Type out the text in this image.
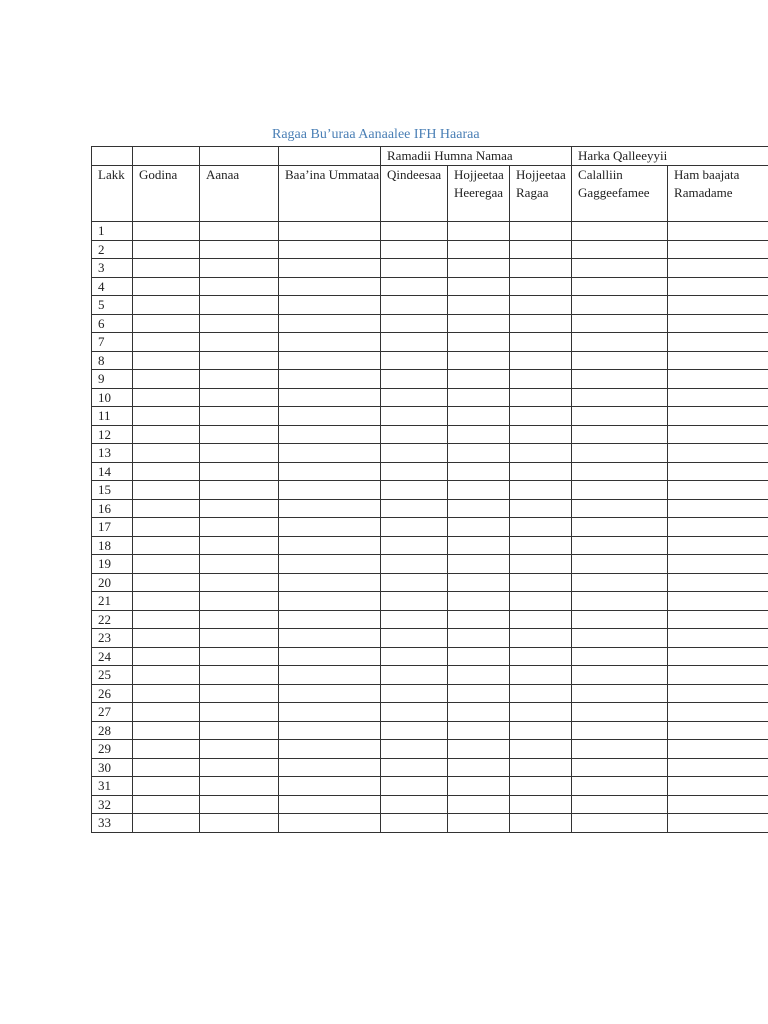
Ragaa Bu’uraa Aanaalee IFH Haaraa
				Ramadii Humna Namaa			Harka Qalleeyyii	
Lakk	Godina	Aanaa	Baa’ina Ummataa	Qindeesaa	Hojjeetaa Heeregaa	Hojjeetaa Ragaa	Calalliin Gaggeefamee	Ham baajata Ramadame
1								
2								
3								
4								
5								
6								
7								
8								
9								
10								
11								
12								
13								
14								
15								
16								
17								
18								
19								
20								
21								
22								
23								
24								
25								
26								
27								
28								
29								
30								
31								
32								
33								
